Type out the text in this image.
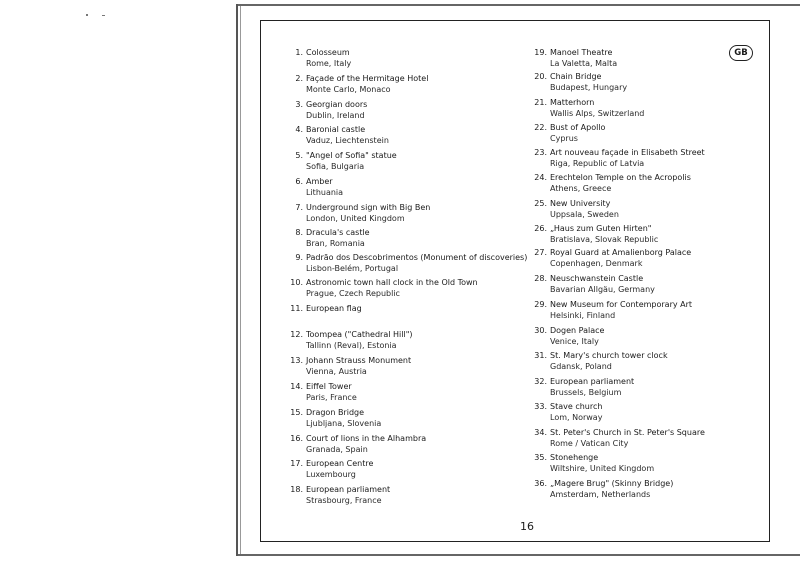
GB
1. Colosseum
Rome, Italy
2. Façade of the Hermitage Hotel
Monte Carlo, Monaco
3. Georgian doors
Dublin, Ireland
4. Baronial castle
Vaduz, Liechtenstein
5. "Angel of Sofia" statue
Sofia, Bulgaria
6. Amber
Lithuania
7. Underground sign with Big Ben
London, United Kingdom
8. Dracula's castle
Bran, Romania
9. Padrão dos Descobrimentos (Monument of discoveries)
Lisbon-Belém, Portugal
10. Astronomic town hall clock in the Old Town
Prague, Czech Republic
11. European flag
12. Toompea ("Cathedral Hill")
Tallinn (Reval), Estonia
13. Johann Strauss Monument
Vienna, Austria
14. Eiffel Tower
Paris, France
15. Dragon Bridge
Ljubljana, Slovenia
16. Court of lions in the Alhambra
Granada, Spain
17. European Centre
Luxembourg
18. European parliament
Strasbourg, France
19. Manoel Theatre
La Valetta, Malta
20. Chain Bridge
Budapest, Hungary
21. Matterhorn
Wallis Alps, Switzerland
22. Bust of Apollo
Cyprus
23. Art nouveau façade in Elisabeth Street
Riga, Republic of Latvia
24. Erechtelon Temple on the Acropolis
Athens, Greece
25. New University
Uppsala, Sweden
26. „Haus zum Guten Hirten"
Bratislava, Slovak Republic
27. Royal Guard at Amalienborg Palace
Copenhagen, Denmark
28. Neuschwanstein Castle
Bavarian Allgäu, Germany
29. New Museum for Contemporary Art
Helsinki, Finland
30. Dogen Palace
Venice, Italy
31. St. Mary's church tower clock
Gdansk, Poland
32. European parliament
Brussels, Belgium
33. Stave church
Lom, Norway
34. St. Peter's Church in St. Peter's Square
Rome / Vatican City
35. Stonehenge
Wiltshire, United Kingdom
36. „Magere Brug" (Skinny Bridge)
Amsterdam, Netherlands
16
